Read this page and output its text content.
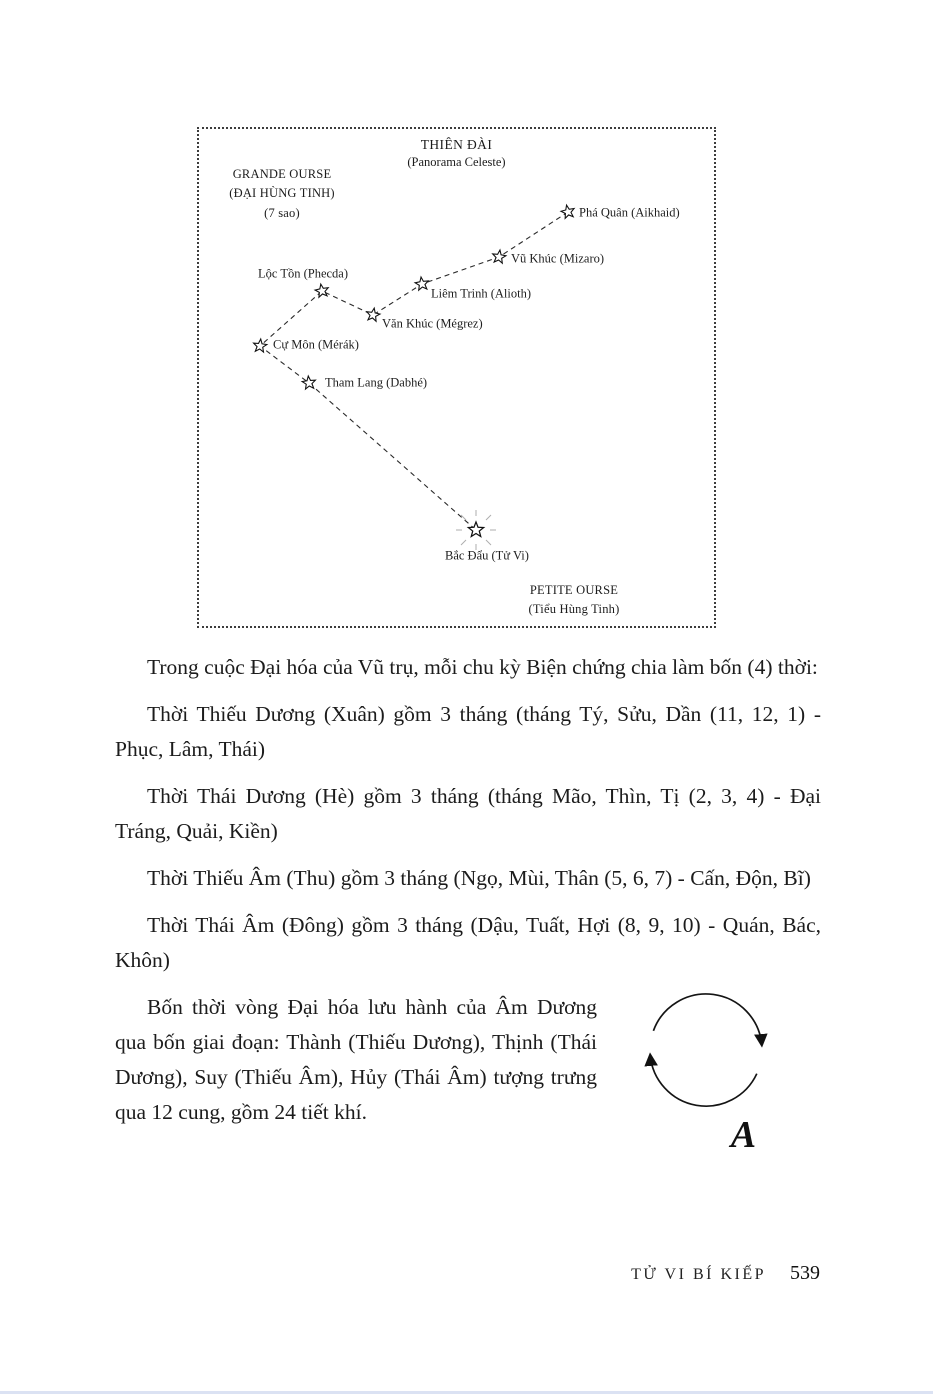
THIÊN ĐÀI
(Panorama Celeste)
GRANDE OURSE
(ĐẠI HÙNG TINH)
(7 sao)
PETITE OURSE
(Tiểu Hùng Tinh)
Phá Quân (Aikhaid)
Vũ Khúc (Mizaro)
Liêm Trinh (Alioth)
Văn Khúc (Mégrez)
Lộc Tồn (Phecda)
Cự Môn (Mérák)
Tham Lang (Dabhé)
Bắc Đẩu (Tử Vi)
Trong cuộc Đại hóa của Vũ trụ, mỗi chu kỳ Biện chứng chia làm bốn (4) thời:
Thời Thiếu Dương (Xuân) gồm 3 tháng (tháng Tý, Sửu, Dần (11, 12, 1) - Phục, Lâm, Thái)
Thời Thái Dương (Hè) gồm 3 tháng (tháng Mão, Thìn, Tị (2, 3, 4) - Đại Tráng, Quải, Kiền)
Thời Thiếu Âm (Thu) gồm 3 tháng (Ngọ, Mùi, Thân (5, 6, 7) - Cấn, Độn, Bĩ)
Thời Thái Âm (Đông) gồm 3 tháng (Dậu, Tuất, Hợi (8, 9, 10) - Quán, Bác, Khôn)
A
Bốn thời vòng Đại hóa lưu hành của Âm Dương qua bốn giai đoạn: Thành (Thiếu Dương), Thịnh (Thái Dương), Suy (Thiếu Âm), Hủy (Thái Âm) tượng trưng qua 12 cung, gồm 24 tiết khí.
TỬ VI BÍ KIẾP 539
